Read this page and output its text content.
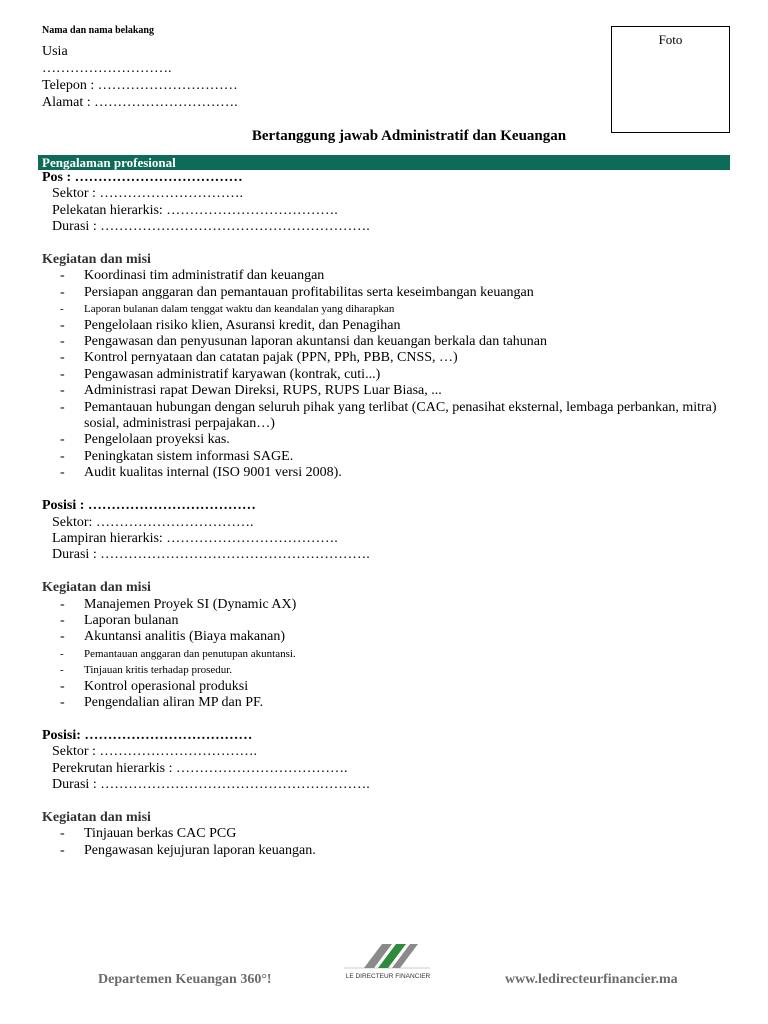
Nama dan nama belakang
Usia
……………………….
Telepon : …………………………
Alamat : ………………………….
Foto
Bertanggung jawab Administratif dan Keuangan
Pengalaman profesional

Pos : ………………………………

Sektor : ………………………….

Pelekatan hierarkis: ……………………………….

Durasi : ………………………………………………….

Kegiatan dan misi

- Koordinasi tim administratif dan keuangan
- Persiapan anggaran dan pemantauan profitabilitas serta keseimbangan keuangan
- Laporan bulanan dalam tenggat waktu dan keandalan yang diharapkan
- Pengelolaan risiko klien, Asuransi kredit, dan Penagihan
- Pengawasan dan penyusunan laporan akuntansi dan keuangan berkala dan tahunan
- Kontrol pernyataan dan catatan pajak (PPN, PPh, PBB, CNSS, …)
- Pengawasan administratif karyawan (kontrak, cuti...)
- Administrasi rapat Dewan Direksi, RUPS, RUPS Luar Biasa, ...
- Pemantauan hubungan dengan seluruh pihak yang terlibat (CAC, penasihat eksternal, lembaga perbankan, mitra) sosial, administrasi perpajakan…)
- Pengelolaan proyeksi kas.
- Peningkatan sistem informasi SAGE.
- Audit kualitas internal (ISO 9001 versi 2008).

Posisi : ………………………………

Sektor: …………………………….

Lampiran hierarkis: ……………………………….

Durasi : ………………………………………………….

Kegiatan dan misi

- Manajemen Proyek SI (Dynamic AX)
- Laporan bulanan
- Akuntansi analitis (Biaya makanan)
- Pemantauan anggaran dan penutupan akuntansi.
- Tinjauan kritis terhadap prosedur.
- Kontrol operasional produksi
- Pengendalian aliran MP dan PF.

Posisi: ………………………………

Sektor : …………………………….

Perekrutan hierarkis : ……………………………….

Durasi : ………………………………………………….

Kegiatan dan misi

- Tinjauan berkas CAC PCG
- Pengawasan kejujuran laporan keuangan.
Departemen Keuangan 360°!	LE DIRECTEUR FINANCIER	www.ledirecteurfinancier.ma
